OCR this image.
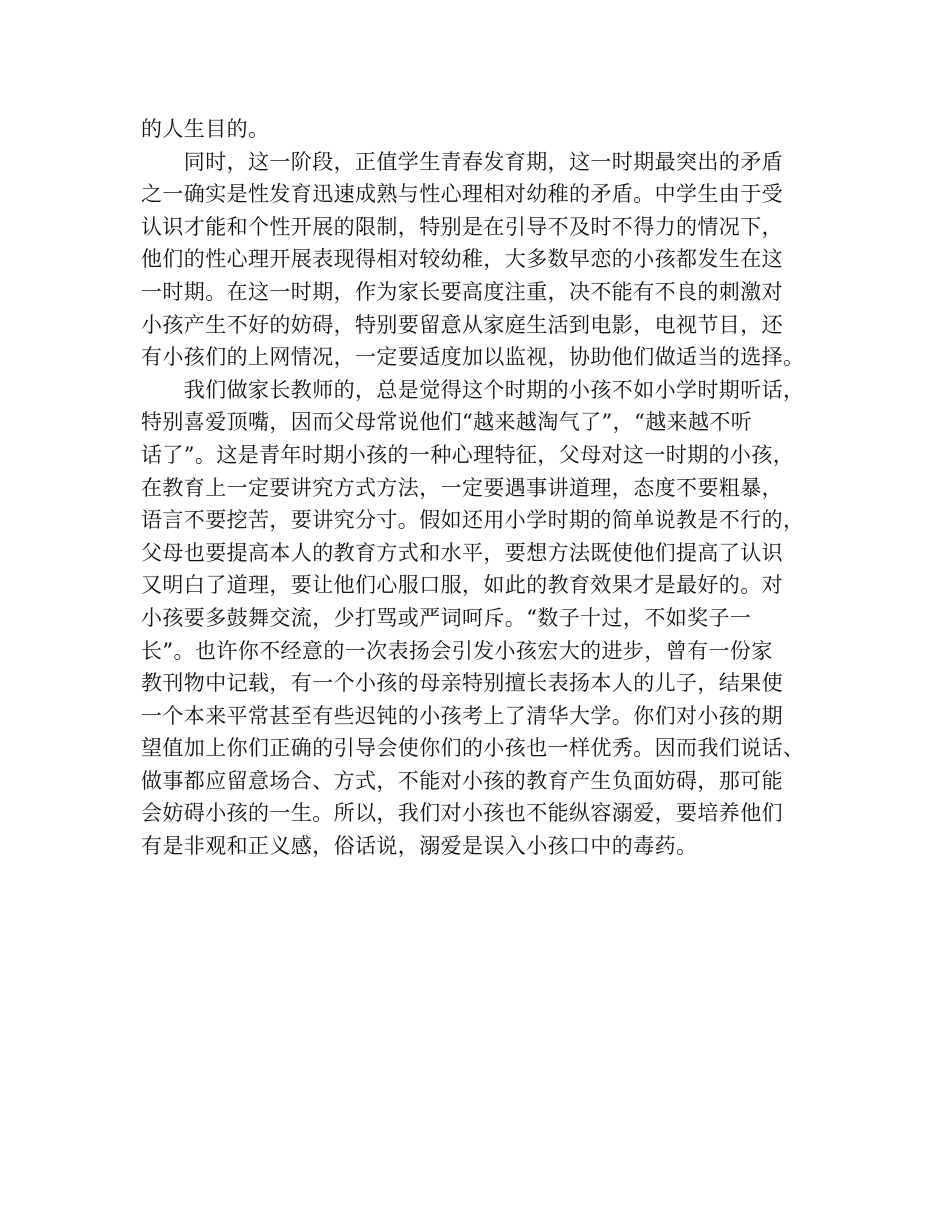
的人生目的。
　　同时，这一阶段，正值学生青春发育期，这一时期最突出的矛盾
之一确实是性发育迅速成熟与性心理相对幼稚的矛盾。中学生由于受
认识才能和个性开展的限制，特别是在引导不及时不得力的情况下，
他们的性心理开展表现得相对较幼稚，大多数早恋的小孩都发生在这
一时期。在这一时期，作为家长要高度注重，决不能有不良的刺激对
小孩产生不好的妨碍，特别要留意从家庭生活到电影，电视节目，还
有小孩们的上网情况，一定要适度加以监视，协助他们做适当的选择。
　　我们做家长教师的，总是觉得这个时期的小孩不如小学时期听话，
特别喜爱顶嘴，因而父母常说他们“越来越淘气了”，“越来越不听
话了”。这是青年时期小孩的一种心理特征，父母对这一时期的小孩，
在教育上一定要讲究方式方法，一定要遇事讲道理，态度不要粗暴，
语言不要挖苦，要讲究分寸。假如还用小学时期的简单说教是不行的，
父母也要提高本人的教育方式和水平，要想方法既使他们提高了认识
又明白了道理，要让他们心服口服，如此的教育效果才是最好的。对
小孩要多鼓舞交流，少打骂或严词呵斥。“数子十过，不如奖子一
长”。也许你不经意的一次表扬会引发小孩宏大的进步，曾有一份家
教刊物中记载，有一个小孩的母亲特别擅长表扬本人的儿子，结果使
一个本来平常甚至有些迟钝的小孩考上了清华大学。你们对小孩的期
望值加上你们正确的引导会使你们的小孩也一样优秀。因而我们说话、
做事都应留意场合、方式，不能对小孩的教育产生负面妨碍，那可能
会妨碍小孩的一生。所以，我们对小孩也不能纵容溺爱，要培养他们
有是非观和正义感，俗话说，溺爱是误入小孩口中的毒药。
